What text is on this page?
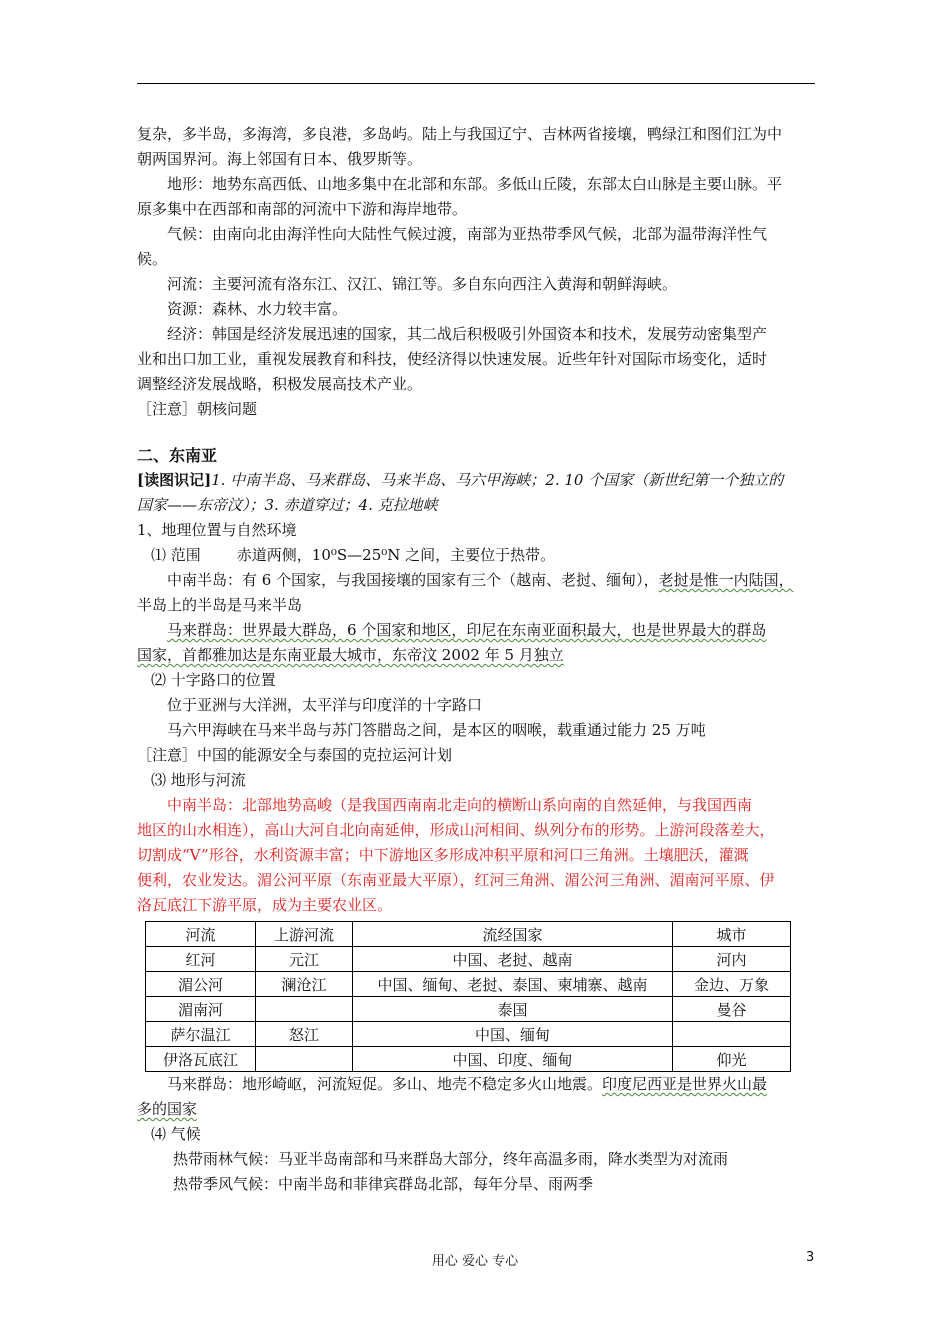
复杂，多半岛，多海湾，多良港，多岛屿。陆上与我国辽宁、吉林两省接壤，鸭绿江和图们江为中

朝两国界河。海上邻国有日本、俄罗斯等。

地形：地势东高西低、山地多集中在北部和东部。多低山丘陵，东部太白山脉是主要山脉。平

原多集中在西部和南部的河流中下游和海岸地带。

气候：由南向北由海洋性向大陆性气候过渡，南部为亚热带季风气候，北部为温带海洋性气

候。

河流：主要河流有洛东江、汉江、锦江等。多自东向西注入黄海和朝鲜海峡。

资源：森林、水力较丰富。

经济：韩国是经济发展迅速的国家，其二战后积极吸引外国资本和技术，发展劳动密集型产

业和出口加工业，重视发展教育和科技，使经济得以快速发展。近些年针对国际市场变化，适时

调整经济发展战略，积极发展高技术产业。

［注意］朝核问题

二、东南亚

[读图识记]1. 中南半岛、马来群岛、马来半岛、马六甲海峡；2. 10 个国家（新世纪第一个独立的

国家——东帝汶）；3. 赤道穿过；4. 克拉地峡

1、地理位置与自然环境

⑴ 范围 赤道两侧，10⁰S—25⁰N 之间，主要位于热带。

中南半岛：有 6 个国家，与我国接壤的国家有三个（越南、老挝、缅甸），老挝是惟一内陆国，

半岛上的半岛是马来半岛

马来群岛：世界最大群岛，6 个国家和地区，印尼在东南亚面积最大，也是世界最大的群岛

国家，首都雅加达是东南亚最大城市，东帝汶 2002 年 5 月独立

⑵ 十字路口的位置

位于亚洲与大洋洲，太平洋与印度洋的十字路口

马六甲海峡在马来半岛与苏门答腊岛之间，是本区的咽喉，载重通过能力 25 万吨

［注意］中国的能源安全与泰国的克拉运河计划

⑶ 地形与河流

中南半岛：北部地势高峻（是我国西南南北走向的横断山系向南的自然延伸，与我国西南

地区的山水相连），高山大河自北向南延伸，形成山河相间、纵列分布的形势。上游河段落差大，

切割成“V”形谷，水利资源丰富；中下游地区多形成冲积平原和河口三角洲。土壤肥沃，灌溉

便利，农业发达。湄公河平原（东南亚最大平原），红河三角洲、湄公河三角洲、湄南河平原、伊

洛瓦底江下游平原，成为主要农业区。

河流	上游河流	流经国家	城市
红河	元江	中国、老挝、越南	河内
湄公河	澜沧江	中国、缅甸、老挝、泰国、柬埔寨、越南	金边、万象
湄南河		泰国	曼谷
萨尔温江	怒江	中国、缅甸	
伊洛瓦底江		中国、印度、缅甸	仰光

马来群岛：地形崎岖，河流短促。多山、地壳不稳定多火山地震。印度尼西亚是世界火山最

多的国家

⑷ 气候

热带雨林气候：马亚半岛南部和马来群岛大部分，终年高温多雨，降水类型为对流雨

热带季风气候：中南半岛和菲律宾群岛北部，每年分旱、雨两季

用心 爱心 专心	3
